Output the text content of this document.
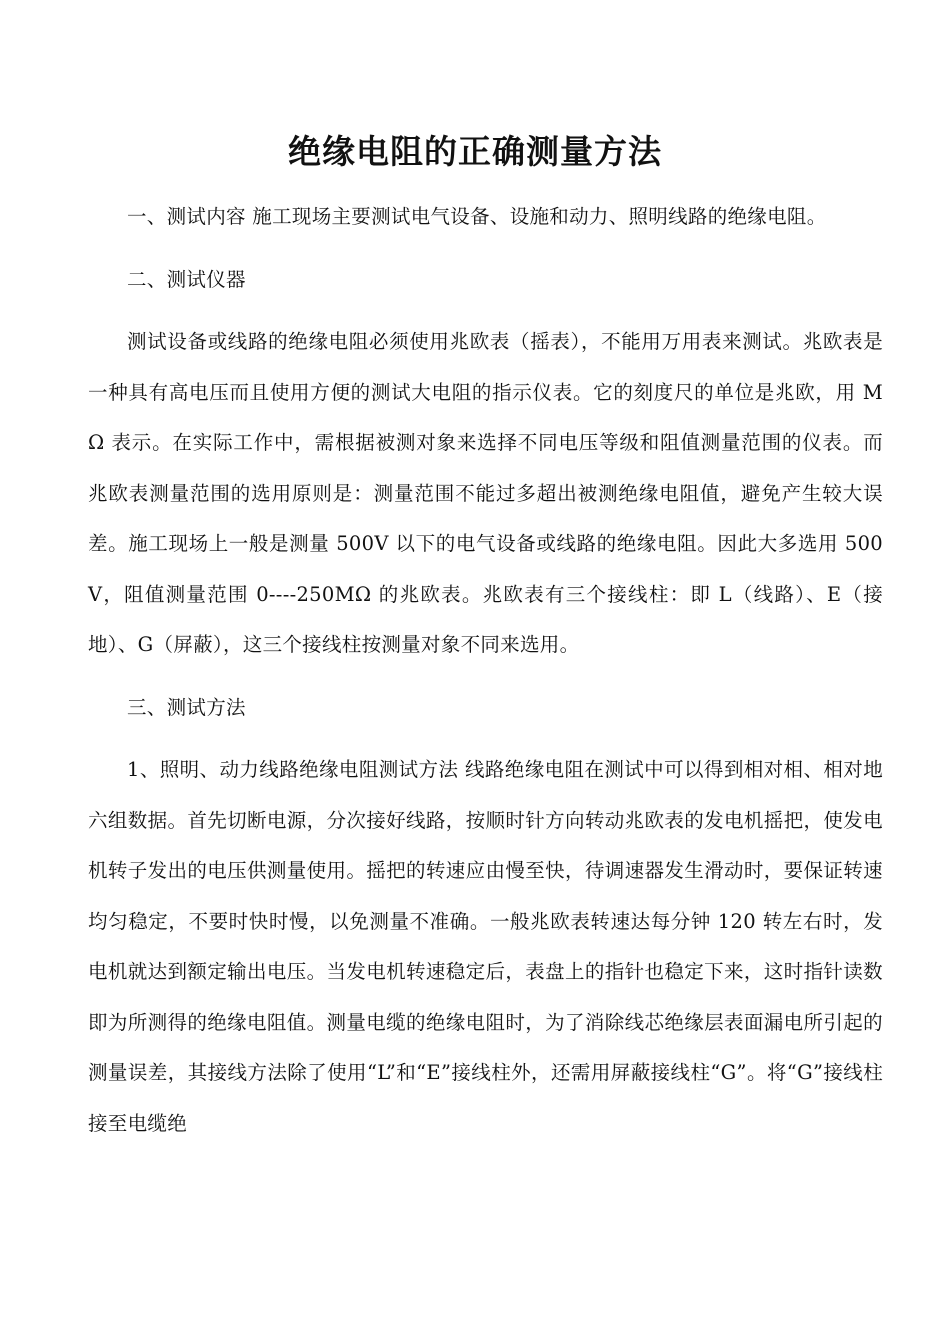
绝缘电阻的正确测量方法

一、测试内容 施工现场主要测试电气设备、设施和动力、照明线路的绝缘电阻。

二、测试仪器

测试设备或线路的绝缘电阻必须使用兆欧表（摇表），不能用万用表来测试。兆欧表是一种具有高电压而且使用方便的测试大电阻的指示仪表。它的刻度尺的单位是兆欧，用 MΩ 表示。在实际工作中，需根据被测对象来选择不同电压等级和阻值测量范围的仪表。而兆欧表测量范围的选用原则是：测量范围不能过多超出被测绝缘电阻值，避免产生较大误差。施工现场上一般是测量 500V 以下的电气设备或线路的绝缘电阻。因此大多选用 500V，阻值测量范围 0----250MΩ 的兆欧表。兆欧表有三个接线柱：即 L（线路）、E（接地）、G（屏蔽），这三个接线柱按测量对象不同来选用。

三、测试方法

1、照明、动力线路绝缘电阻测试方法 线路绝缘电阻在测试中可以得到相对相、相对地六组数据。首先切断电源，分次接好线路，按顺时针方向转动兆欧表的发电机摇把，使发电机转子发出的电压供测量使用。摇把的转速应由慢至快，待调速器发生滑动时，要保证转速均匀稳定，不要时快时慢，以免测量不准确。一般兆欧表转速达每分钟 120 转左右时，发电机就达到额定输出电压。当发电机转速稳定后，表盘上的指针也稳定下来，这时指针读数即为所测得的绝缘电阻值。测量电缆的绝缘电阻时，为了消除线芯绝缘层表面漏电所引起的测量误差，其接线方法除了使用“L”和“E”接线柱外，还需用屏蔽接线柱“G”。将“G”接线柱接至电缆绝
